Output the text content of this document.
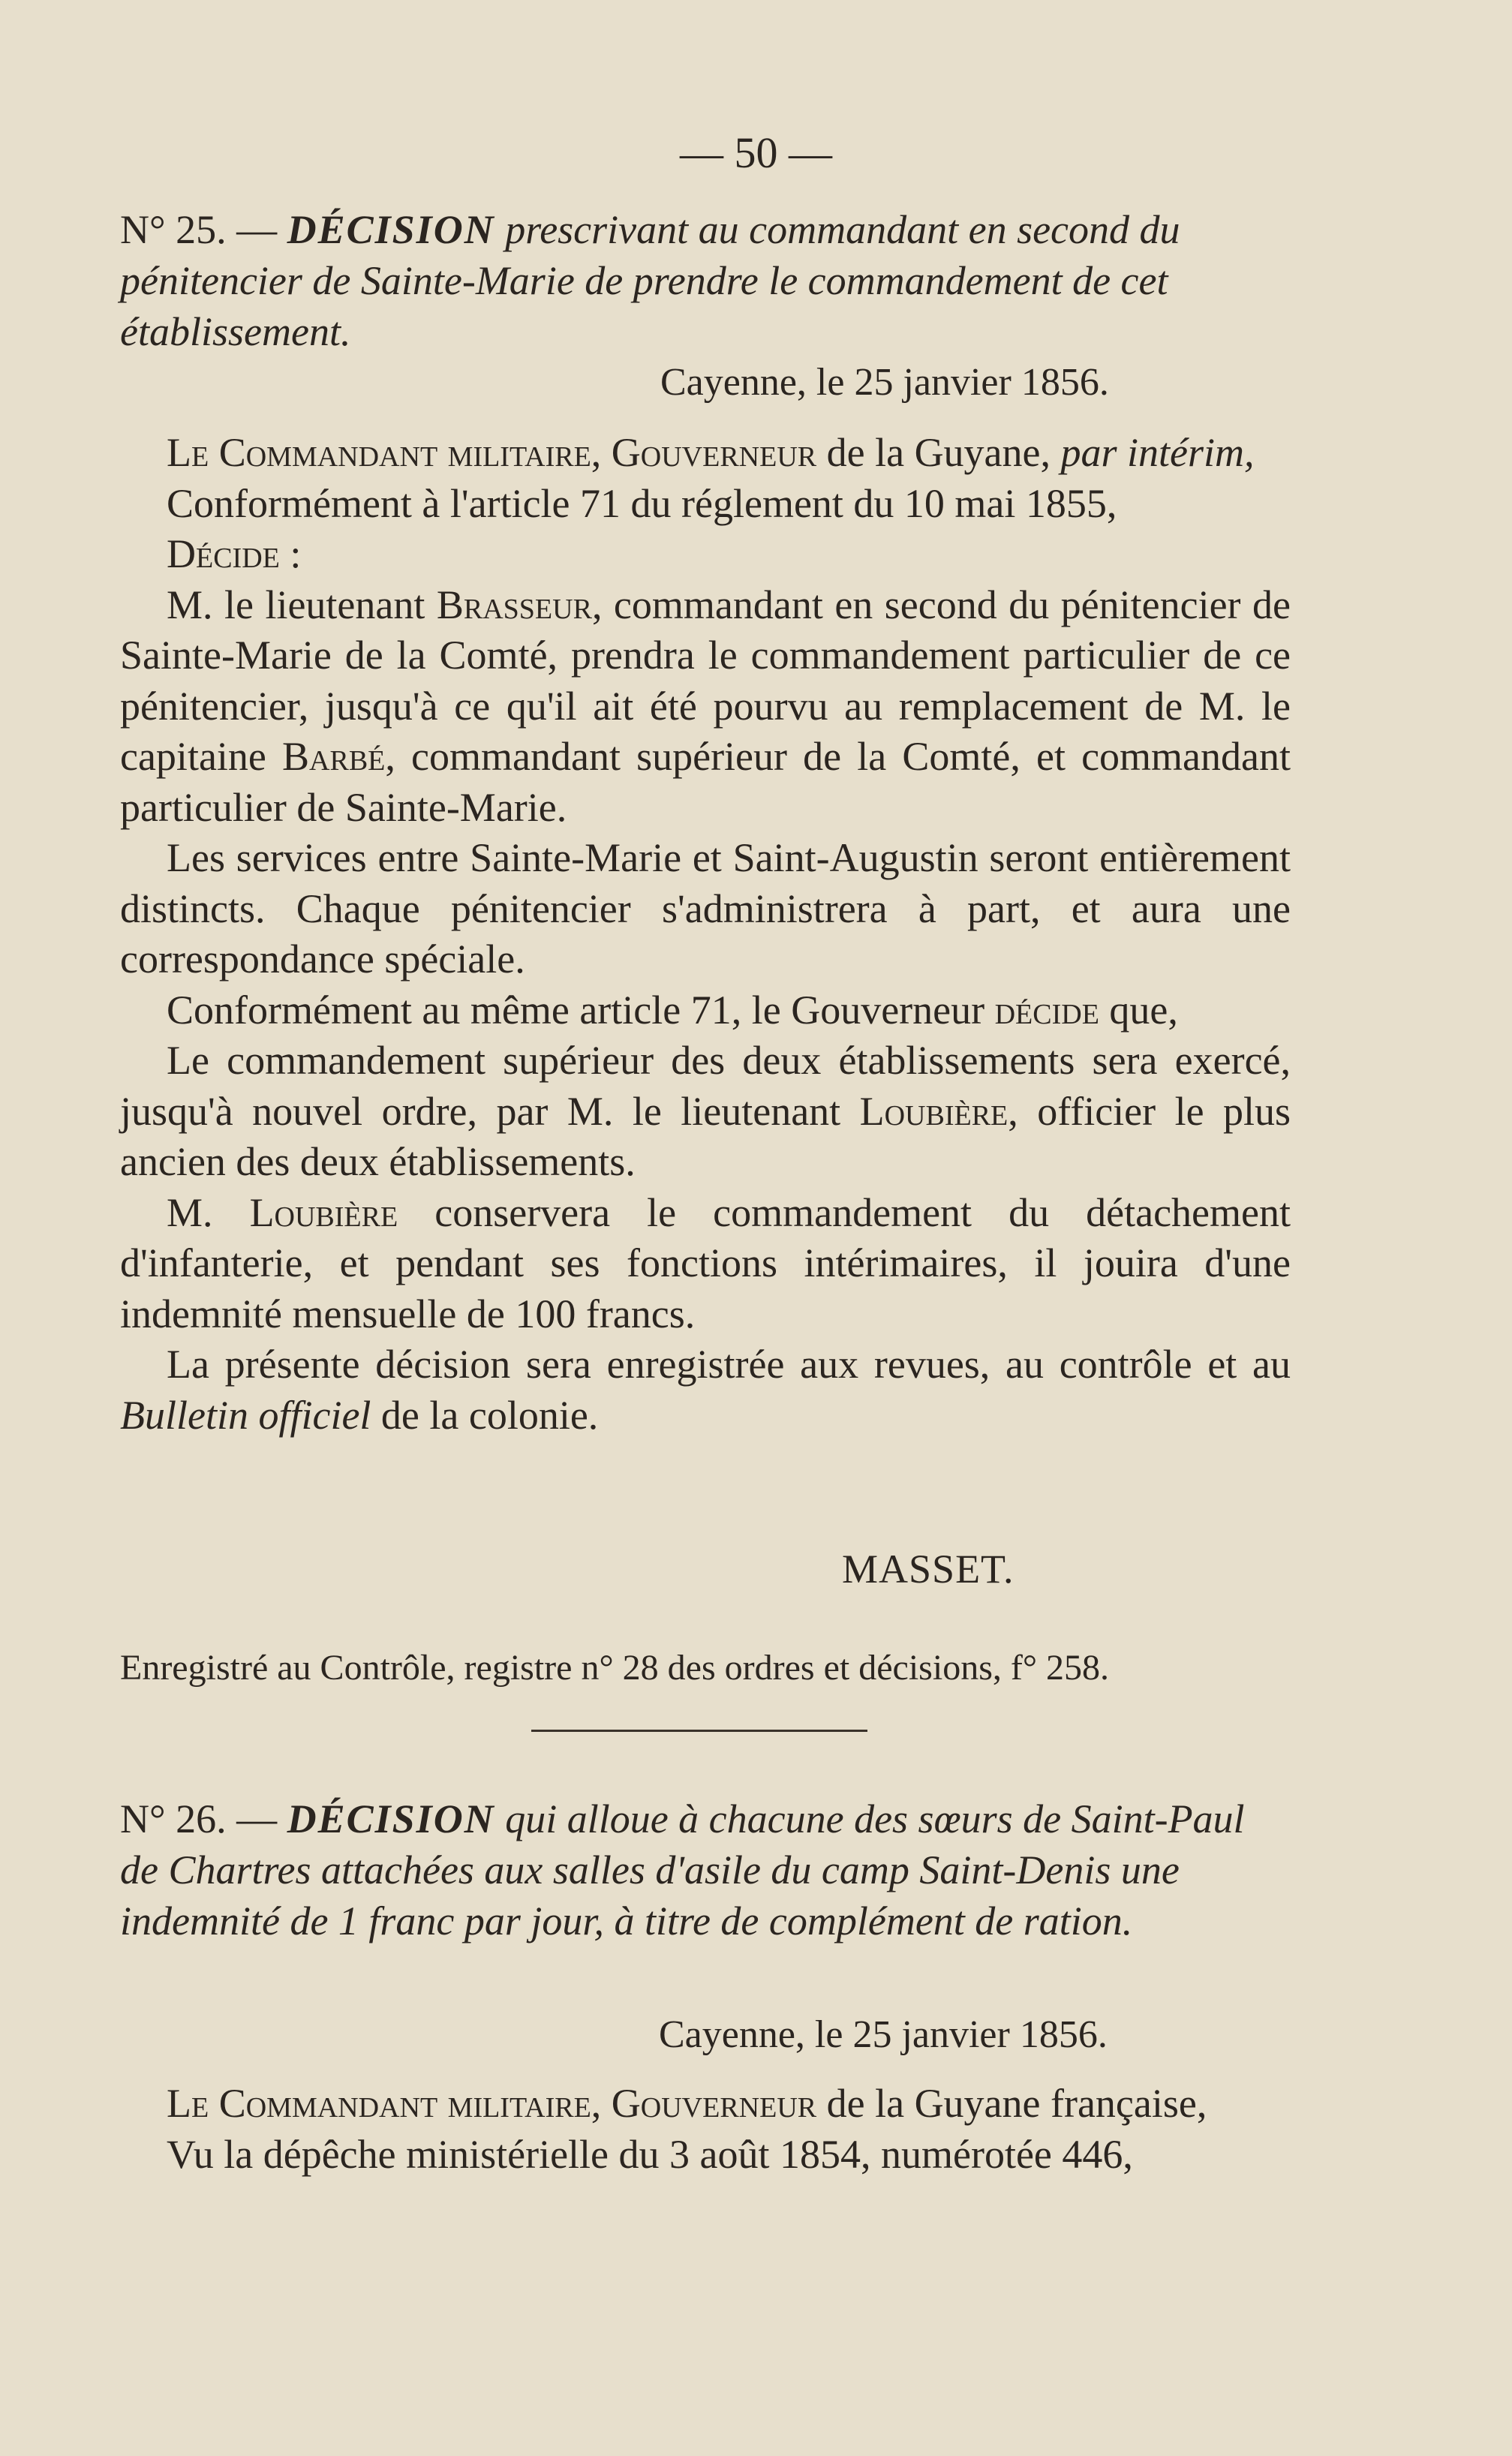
— 50 —
N° 25. — DÉCISION prescrivant au commandant en second du pénitencier de Sainte-Marie de prendre le commandement de cet établissement.
Cayenne, le 25 janvier 1856.

Le Commandant militaire, Gouverneur de la Guyane, par intérim,

Conformément à l'article 71 du réglement du 10 mai 1855,

Décide :

M. le lieutenant Brasseur, commandant en second du pénitencier de Sainte-Marie de la Comté, prendra le commandement particulier de ce pénitencier, jusqu'à ce qu'il ait été pourvu au remplacement de M. le capitaine Barbé, commandant supérieur de la Comté, et commandant particulier de Sainte-Marie.

Les services entre Sainte-Marie et Saint-Augustin seront entièrement distincts. Chaque pénitencier s'administrera à part, et aura une correspondance spéciale.

Conformément au même article 71, le Gouverneur décide que,

Le commandement supérieur des deux établissements sera exercé, jusqu'à nouvel ordre, par M. le lieutenant Loubière, officier le plus ancien des deux établissements.

M. Loubière conservera le commandement du détachement d'infanterie, et pendant ses fonctions intérimaires, il jouira d'une indemnité mensuelle de 100 francs.

La présente décision sera enregistrée aux revues, au contrôle et au Bulletin officiel de la colonie.

MASSET.
Enregistré au Contrôle, registre n° 28 des ordres et décisions, f° 258.
N° 26. — DÉCISION qui alloue à chacune des sœurs de Saint-Paul de Chartres attachées aux salles d'asile du camp Saint-Denis une indemnité de 1 franc par jour, à titre de complément de ration.
Cayenne, le 25 janvier 1856.

Le Commandant militaire, Gouverneur de la Guyane française,

Vu la dépêche ministérielle du 3 août 1854, numérotée 446,
